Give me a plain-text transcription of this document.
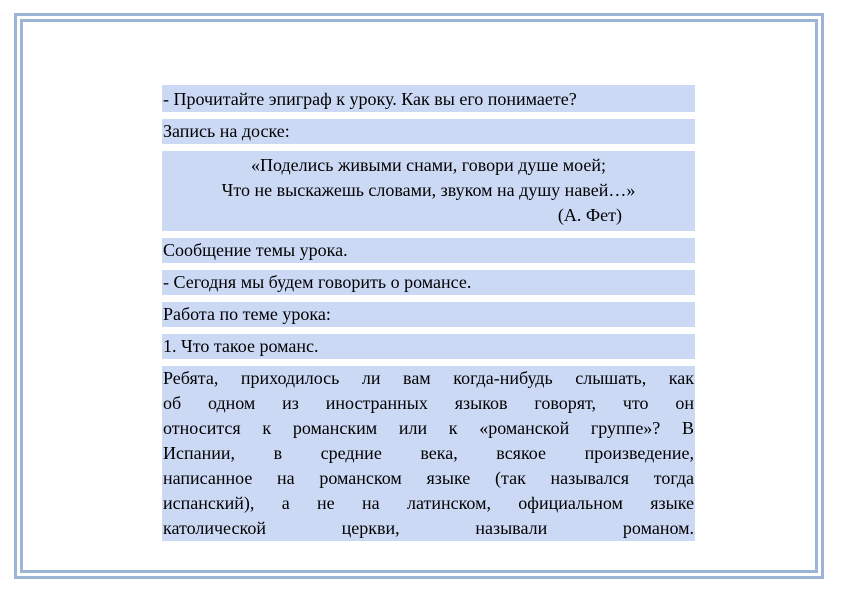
- Прочитайте эпиграф к уроку. Как вы его понимаете?
Запись на доске:
«Поделись живыми снами, говори душе моей;
Что не выскажешь словами, звуком на душу навей…»
(А. Фет)
Сообщение темы урока.
- Сегодня мы будем говорить о романсе.
Работа по теме урока:
1. Что такое романс.
Ребята, приходилось ли вам когда-нибудь слышать, как
об одном из иностранных языков говорят, что он
относится к романским или к «романской группе»? В
Испании, в средние века, всякое произведение,
написанное на романском языке (так назывался тогда
испанский), а не на латинском, официальном языке
католической церкви, называли романом.
